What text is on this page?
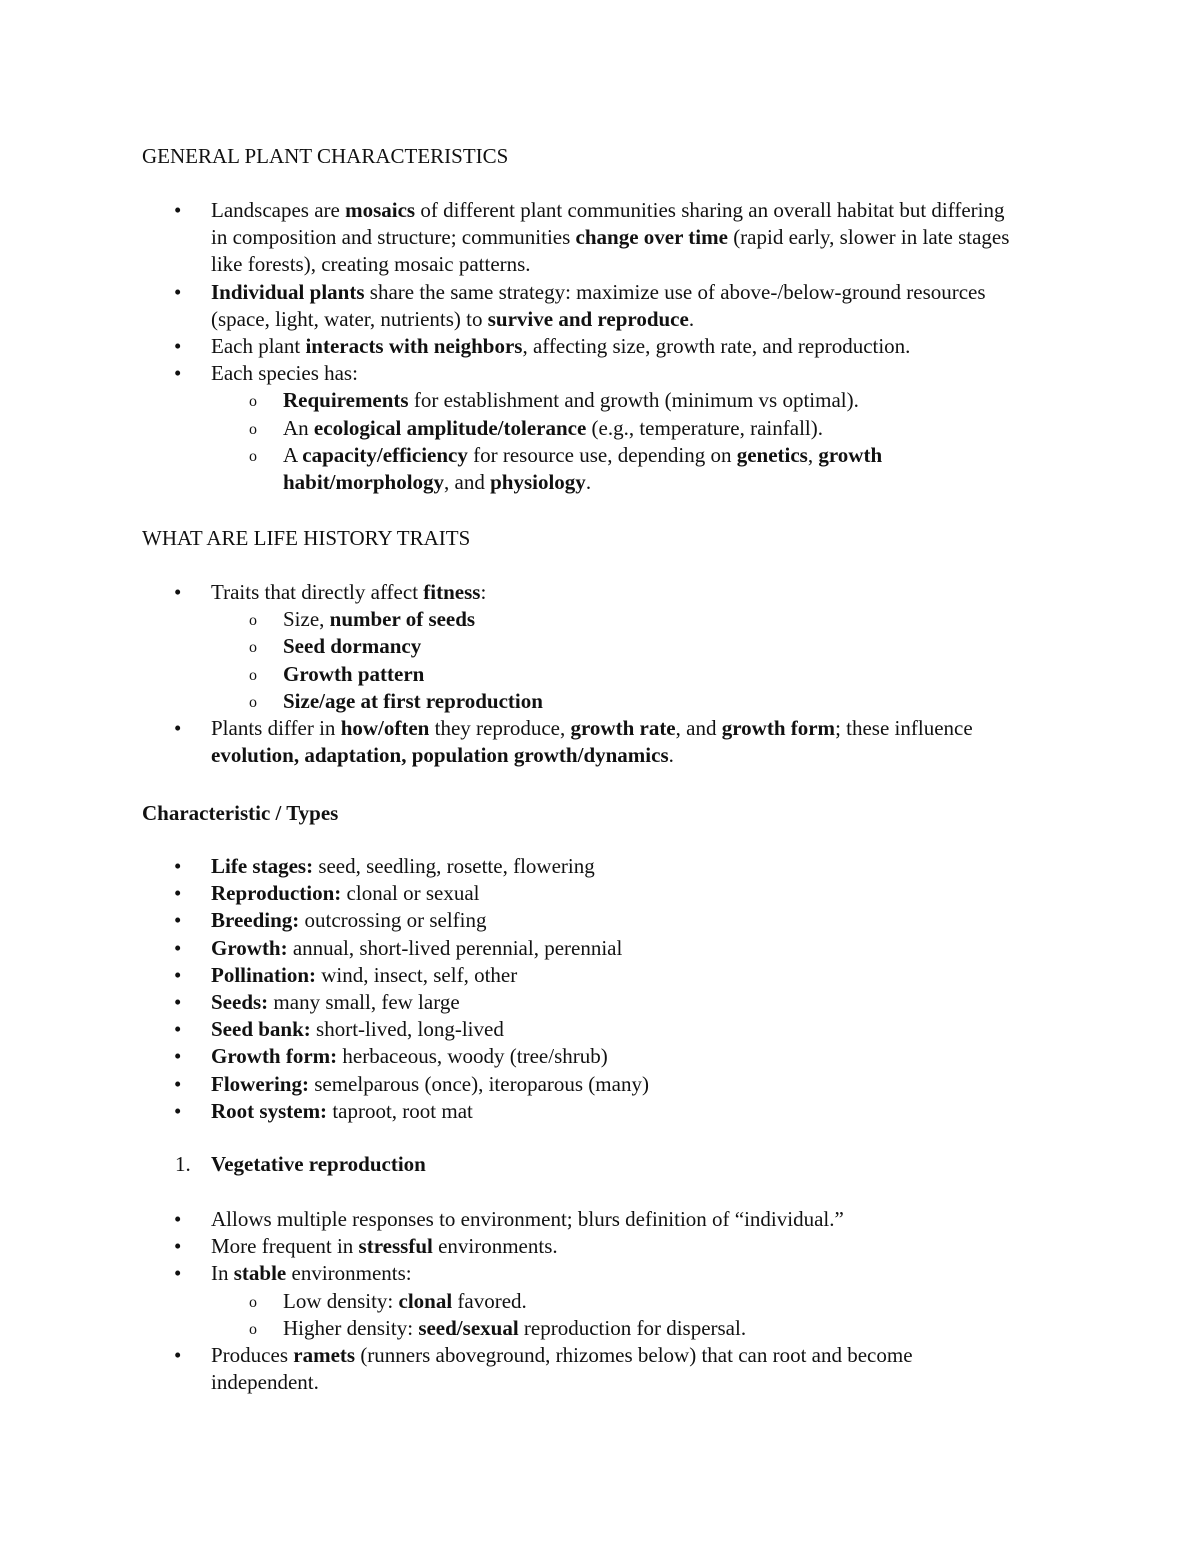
GENERAL PLANT CHARACTERISTICS
• Landscapes are mosaics of different plant communities sharing an overall habitat but differing in composition and structure; communities change over time (rapid early, slower in late stages like forests), creating mosaic patterns.
• Individual plants share the same strategy: maximize use of above-/below-ground resources (space, light, water, nutrients) to survive and reproduce.
• Each plant interacts with neighbors, affecting size, growth rate, and reproduction.
• Each species has:
o Requirements for establishment and growth (minimum vs optimal).
o An ecological amplitude/tolerance (e.g., temperature, rainfall).
o A capacity/efficiency for resource use, depending on genetics, growth habit/morphology, and physiology.
WHAT ARE LIFE HISTORY TRAITS
• Traits that directly affect fitness:
o Size, number of seeds
o Seed dormancy
o Growth pattern
o Size/age at first reproduction
• Plants differ in how/often they reproduce, growth rate, and growth form; these influence evolution, adaptation, population growth/dynamics.
Characteristic / Types
• Life stages: seed, seedling, rosette, flowering
• Reproduction: clonal or sexual
• Breeding: outcrossing or selfing
• Growth: annual, short-lived perennial, perennial
• Pollination: wind, insect, self, other
• Seeds: many small, few large
• Seed bank: short-lived, long-lived
• Growth form: herbaceous, woody (tree/shrub)
• Flowering: semelparous (once), iteroparous (many)
• Root system: taproot, root mat
1. Vegetative reproduction
• Allows multiple responses to environment; blurs definition of “individual.”
• More frequent in stressful environments.
• In stable environments:
o Low density: clonal favored.
o Higher density: seed/sexual reproduction for dispersal.
• Produces ramets (runners aboveground, rhizomes below) that can root and become independent.
